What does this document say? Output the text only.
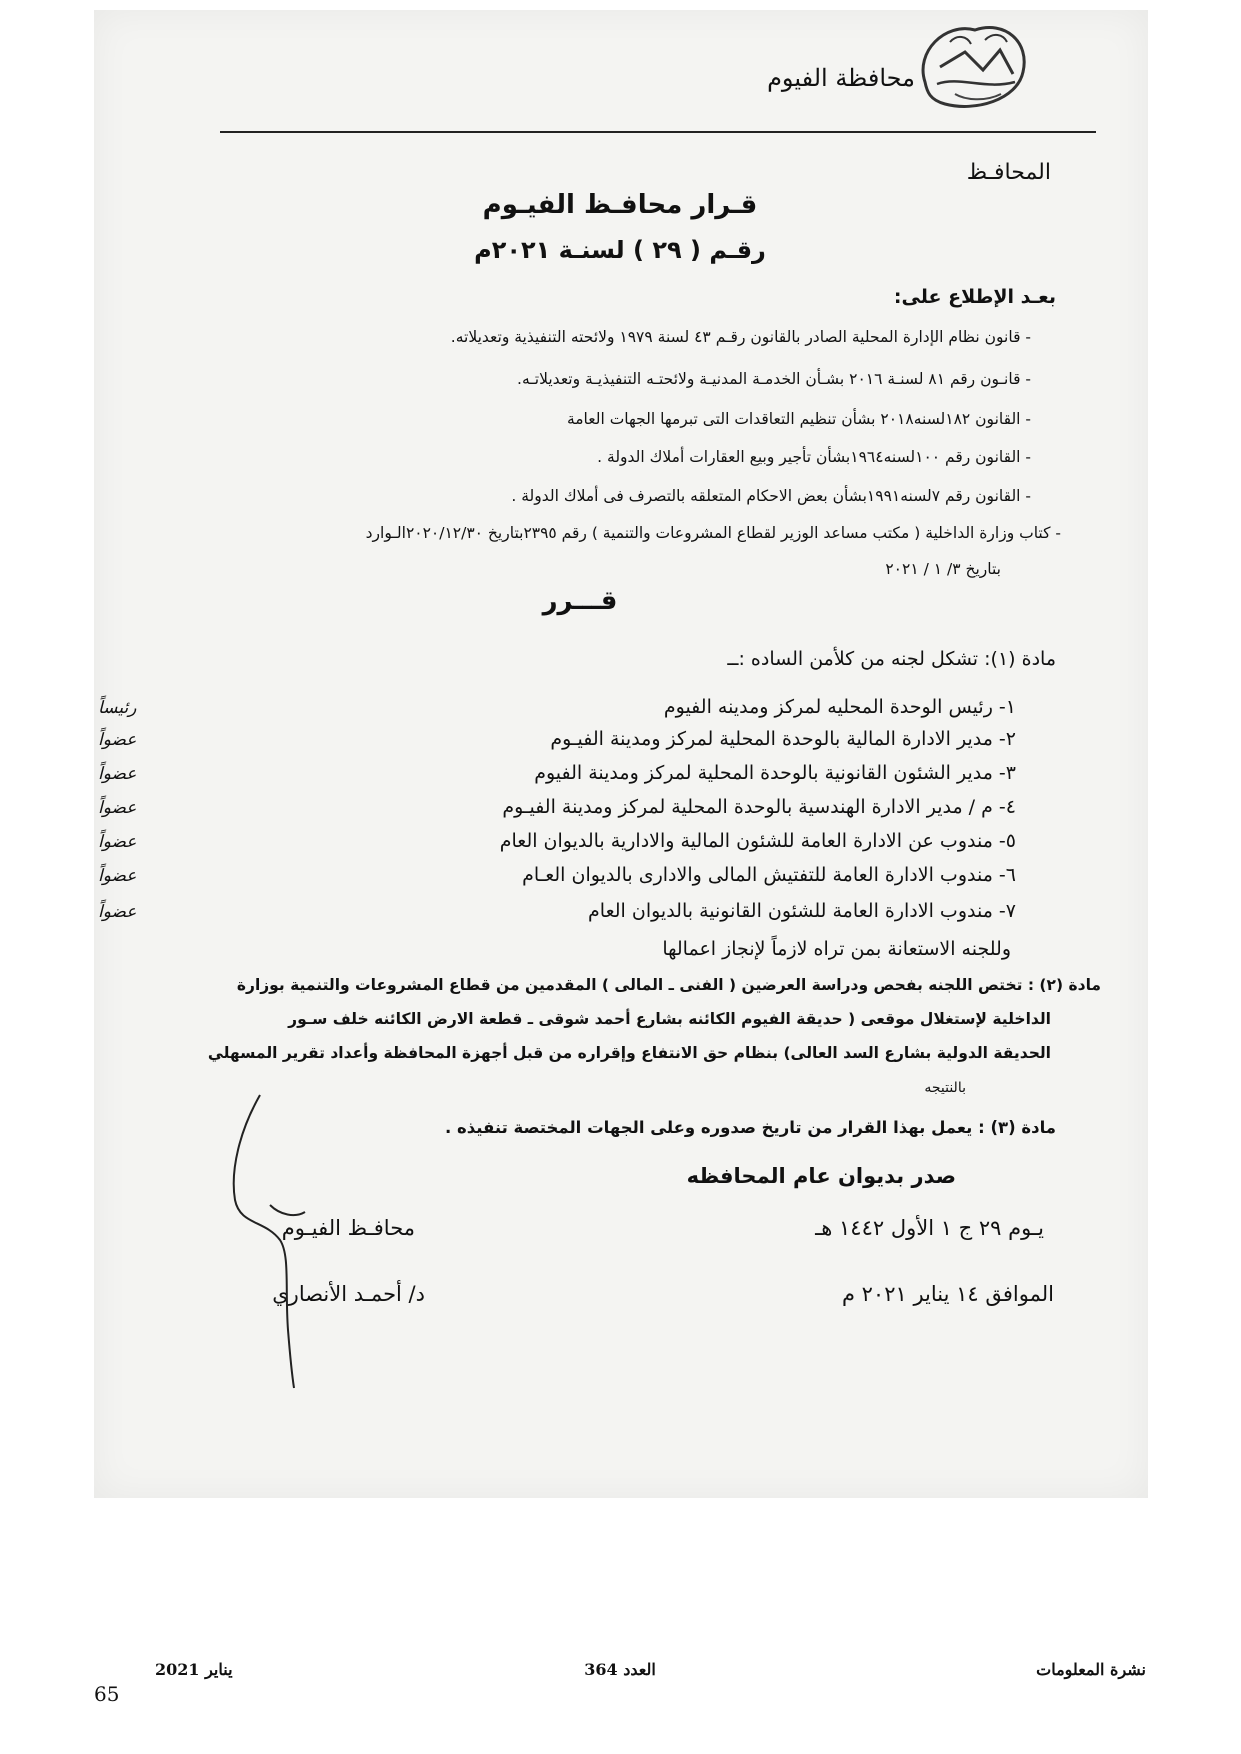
محافظة الفيوم
المحافـظ
قـرار محافـظ الفيـوم
رقـم ( ٢٩ ) لسنـة ٢٠٢١م
بعـد الإطلاع على:
- قانون نظام الإدارة المحلية الصادر بالقانون رقـم ٤٣ لسنة ١٩٧٩ ولائحته التنفيذية وتعديلاته.
- قانـون رقم ٨١ لسنـة ٢٠١٦ بشـأن الخدمـة المدنيـة ولائحتـه التنفيذيـة وتعديلاتـه.
- القانون ١٨٢لسنه٢٠١٨ بشأن تنظيم التعاقدات التى تبرمها الجهات العامة
- القانون رقم ١٠٠لسنه١٩٦٤بشأن تأجير وبيع العقارات أملاك الدولة .
- القانون رقم ٧لسنه١٩٩١بشأن بعض الاحكام المتعلقه بالتصرف فى أملاك الدولة .
- كتاب وزارة الداخلية ( مكتب مساعد الوزير لقطاع المشروعات والتنمية ) رقم ٢٣٩٥بتاريخ ٢٠٢٠/١٢/٣٠الـوارد
بتاريخ ٣/ ١ / ٢٠٢١
قـــرر
مادة (١): تشكل لجنه من كلأمن الساده :ــ
١- رئيس الوحدة المحليه لمركز ومدينه الفيوم
رئيساً
٢- مدير الادارة المالية بالوحدة المحلية لمركز ومدينة الفيـوم
عضواً
٣- مدير الشئون القانونية بالوحدة المحلية لمركز ومدينة الفيوم
عضواً
٤- م / مدير الادارة الهندسية بالوحدة المحلية لمركز ومدينة الفيـوم
عضواً
٥- مندوب عن الادارة العامة للشئون المالية والادارية بالديوان العام
عضواً
٦- مندوب الادارة العامة للتفتيش المالى والادارى بالديوان العـام
عضواً
٧- مندوب الادارة العامة للشئون القانونية بالديوان العام
عضواً
وللجنه الاستعانة بمن تراه لازماً لإنجاز اعمالها
مادة (٢) : تختص اللجنه بفحص ودراسة العرضين ( الفنى ـ المالى ) المقدمين من قطاع المشروعات والتنمية بوزارة
الداخلية لإستغلال موقعى ( حديقة الفيوم الكائنه بشارع أحمد شوقى ـ قطعة الارض الكائنه خلف سـور
الحديقة الدولية بشارع السد العالى) بنظام حق الانتفاع وإقراره من قبل أجهزة المحافظة وأعداد تقرير المسهلي
بالنتيجه
مادة (٣) : يعمل بهذا القرار من تاريخ صدوره وعلى الجهات المختصة تنفيذه .
صدر بديوان عام المحافظه
يـوم ٢٩ ج ١ الأول ١٤٤٢ هـ
الموافق ١٤ يناير ٢٠٢١ م
محافـظ الفيـوم
د/ أحمـد الأنصاري
نشرة المعلومات
العدد 364
يناير 2021
65
